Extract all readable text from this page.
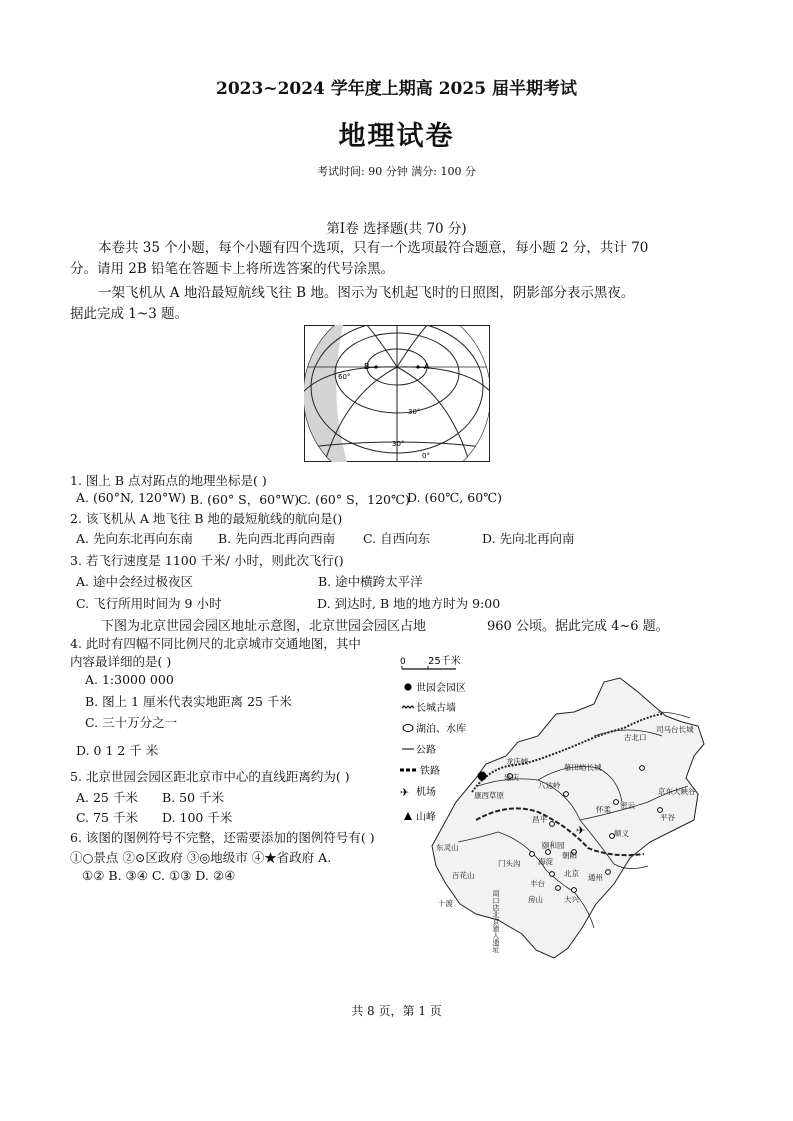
2023~2024 学年度上期高 2025 届半期考试
地理试卷
考试时间: 90 分钟 满分: 100 分
第Ⅰ卷 选择题(共 70 分)
本卷共 35 个小题，每个小题有四个选项，只有一个选项最符合题意，每小题 2 分，共计 70
分。请用 2B 铅笔在答题卡上将所选答案的代号涂黑。
一架飞机从 A 地沿最短航线飞往 B 地。图示为飞机起飞时的日照图，阴影部分表示黑夜。
据此完成 1~3 题。
B	A
60°
30°
30°
0°
1. 图上 B 点对跖点的地理坐标是( )
A. (60°N, 120°W) B. (60° S，60°W)
C. (60° S，120℃)
D. (60℃, 60℃)
2. 该飞机从 A 地飞往 B 地的最短航线的航向是()
A. 先向东北再向东南 B. 先向西北再向西南 C. 自西向东	D. 先向北再向南
3. 若飞行速度是 1100 千米/ 小时，则此次飞行()
A. 途中会经过极夜区	B. 途中横跨太平洋
C. 飞行所用时间为 9 小时	D. 到达时, B 地的地方时为 9:00
下图为北京世园会园区地址示意图，北京世园会园区占地	960 公顷。据此完成 4~6 题。
4. 此时有四幅不同比例尺的北京城市交通地图，其中
内容最详细的是( )
A. 1:3000 000
B. 图上 1 厘米代表实地距离 25 千米
C. 三十万分之一
D. 0 1 2 千 米
5. 北京世园会园区距北京市中心的直线距离约为( )
A. 25 千米 B. 50 千米
C. 75 千米 D. 100 千米
6. 该图的图例符号不完整，还需要添加的图例符号有( )
①○景点 ②⊙区政府 ③◎地级市 ④★省政府 A.
①② B. ③④ C. ①③ D. ②④
0 25千米
✈
司马台长城
古北口
慕田峪长城
密云
京东大峡谷
平谷
龙庆峡
延庆
康西草原
八达岭
怀柔
昌平
顺义
东灵山
门头沟 海淀
颐和园
朝阳
北京 通州
百花山
十渡
丰台
房山	大兴
周口店北京猿人遗址
世园会园区
长城古墙
湖泊、水库
公路
铁路
✈ 机场
山峰
共 8 页，第 1 页
